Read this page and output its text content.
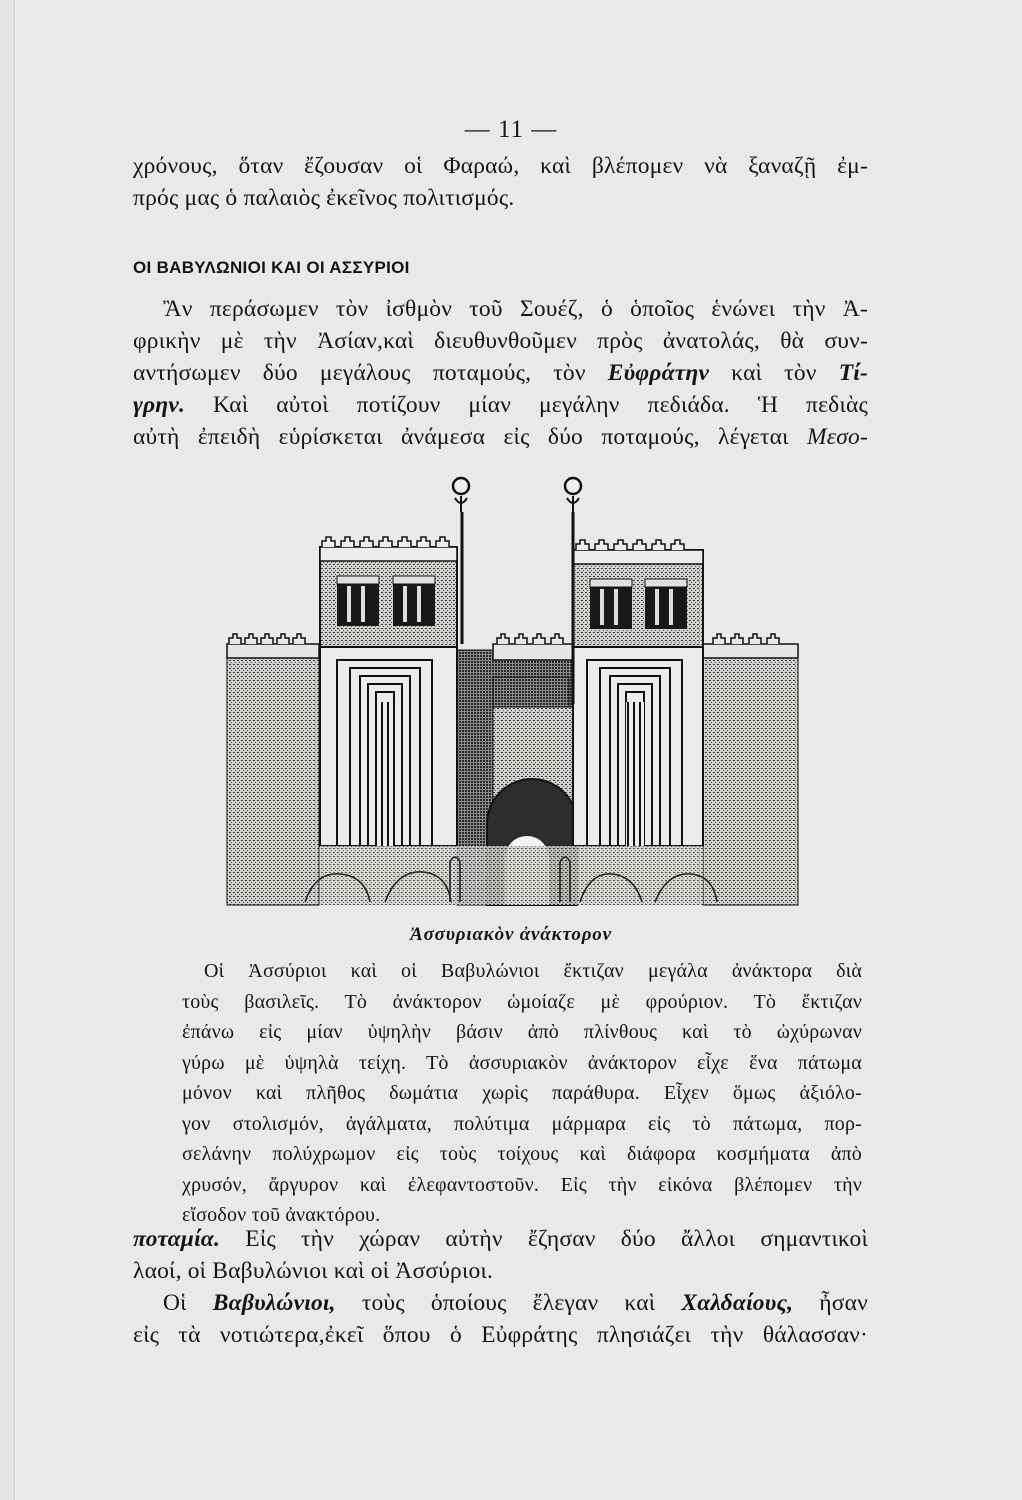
— 11 —
χρόνους, ὅταν ἔζουσαν οἱ Φαραώ, καὶ βλέπομεν νὰ ξαναζῇ ἐμ-
πρός μας ὁ παλαιὸς ἐκεῖνος πολιτισμός.
ΟΙ ΒΑΒΥΛΩΝΙΟΙ ΚΑΙ ΟΙ ΑΣΣΥΡΙΟΙ
Ἂν περάσωμεν τὸν ἰσθμὸν τοῦ Σουέζ, ὁ ὁποῖος ἑνώνει τὴν Ἀ-
φρικὴν μὲ τὴν Ἀσίαν,καὶ διευθυνθοῦμεν πρὸς ἀνατολάς, θὰ συν-
αντήσωμεν δύο μεγάλους ποταμούς, τὸν Εὐφράτην καὶ τὸν Τί-
γρην. Καὶ αὐτοὶ ποτίζουν μίαν μεγάλην πεδιάδα. Ἡ πεδιὰς
αὐτὴ ἐπειδὴ εὑρίσκεται ἀνάμεσα εἰς δύο ποταμούς, λέγεται Μεσο-
Ἀσσυριακὸν ἀνάκτορον
Οἱ Ἀσσύριοι καὶ οἱ Βαβυλώνιοι ἔκτιζαν μεγάλα ἀνάκτορα διὰ
τοὺς βασιλεῖς. Τὸ ἀνάκτορον ὡμοίαζε μὲ φρούριον. Τὸ ἔκτιζαν
ἐπάνω εἰς μίαν ὑψηλὴν βάσιν ἀπὸ πλίνθους καὶ τὸ ὠχύρωναν
γύρω μὲ ὑψηλὰ τείχη. Τὸ ἀσσυριακὸν ἀνάκτορον εἶχε ἕνα πάτωμα
μόνον καὶ πλῆθος δωμάτια χωρὶς παράθυρα. Εἶχεν ὅμως ἀξιόλο-
γον στολισμόν, ἀγάλματα, πολύτιμα μάρμαρα εἰς τὸ πάτωμα, πορ-
σελάνην πολύχρωμον εἰς τοὺς τοίχους καὶ διάφορα κοσμήματα ἀπὸ
χρυσόν, ἄργυρον καὶ ἐλεφαντοστοῦν. Εἰς τὴν εἰκόνα βλέπομεν τὴν
εἴσοδον τοῦ ἀνακτόρου.
ποταμία. Εἰς τὴν χώραν αὐτὴν ἔζησαν δύο ἄλλοι σημαντικοὶ
λαοί, οἱ Βαβυλώνιοι καὶ οἱ Ἀσσύριοι.
Οἱ Βαβυλώνιοι, τοὺς ὁποίους ἔλεγαν καὶ Χαλδαίους, ἦσαν
εἰς τὰ νοτιώτερα,ἐκεῖ ὅπου ὁ Εὐφράτης πλησιάζει τὴν θάλασσαν·
